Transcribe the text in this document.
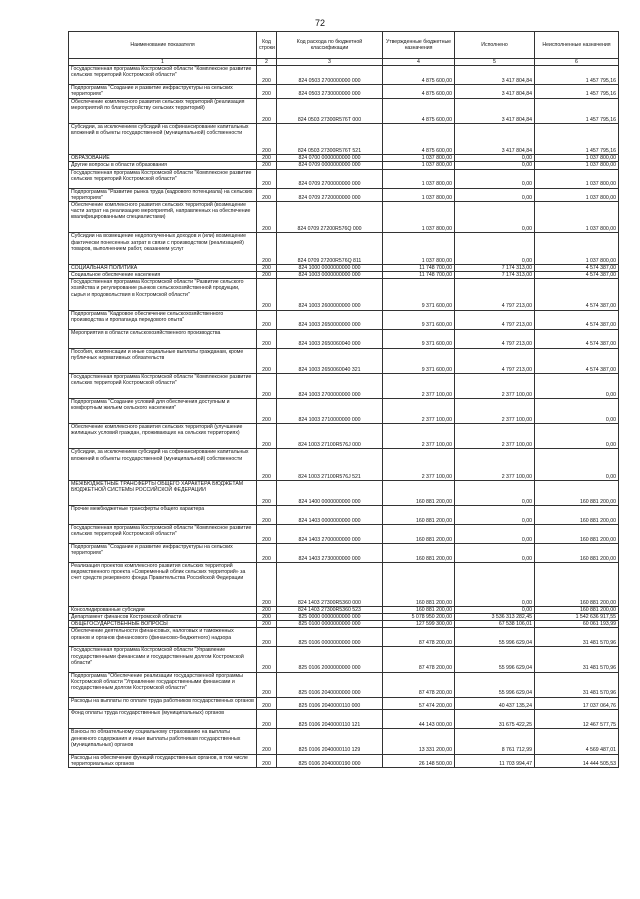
72
Наименование показателя	Код строки	Код расхода по бюджетной классификации	Утвержденные бюджетные назначения	Исполнено	Неисполненные назначения
1	2	3	4	5	6
Государственная программа Костромской области "Комплексное развитие сельских территорий Костромской области"	200	824 0503 2700000000 000	4 875 600,00	3 417 804,84	1 457 795,16
Подпрограмма "Создание и развитие инфраструктуры на сельских территориях"	200	824 0503 2730000000 000	4 875 600,00	3 417 804,84	1 457 795,16
Обеспечение комплексного развития сельских территорий (реализация мероприятий по благоустройству сельских территорий)	200	824 0503 27300R576Т 000	4 875 600,00	3 417 804,84	1 457 795,16
Субсидии, за исключением субсидий на софинансирование капитальных вложений в объекты государственной (муниципальной) собственности	200	824 0503 27300R576Т 521	4 875 600,00	3 417 804,84	1 457 795,16
ОБРАЗОВАНИЕ	200	824 0700 0000000000 000	1 037 800,00	0,00	1 037 800,00
Другие вопросы в области образования	200	824 0709 0000000000 000	1 037 800,00	0,00	1 037 800,00
Государственная программа Костромской области "Комплексное развитие сельских территорий Костромской области"	200	824 0709 2700000000 000	1 037 800,00	0,00	1 037 800,00
Подпрограмма "Развитие рынка труда (кадрового потенциала) на сельских территориях"	200	824 0709 2720000000 000	1 037 800,00	0,00	1 037 800,00
Обеспечение комплексного развития сельских территорий (возмещение части затрат на реализацию мероприятий, направленных на обеспечение квалифицированными специалистами)	200	824 0709 27200R576Q 000	1 037 800,00	0,00	1 037 800,00
Субсидии на возмещение недополученных доходов и (или) возмещение фактически понесенных затрат в связи с производством (реализацией) товаров, выполнением работ, оказанием услуг	200	824 0709 27200R576Q 811	1 037 800,00	0,00	1 037 800,00
СОЦИАЛЬНАЯ ПОЛИТИКА	200	824 1000 0000000000 000	11 748 700,00	7 174 313,00	4 574 387,00
Социальное обеспечение населения	200	824 1003 0000000000 000	11 748 700,00	7 174 313,00	4 574 387,00
Государственная программа Костромской области "Развитие сельского хозяйства и регулирование рынков сельскохозяйственной продукции, сырья и продовольствия в Костромской области"	200	824 1003 2600000000 000	9 371 600,00	4 797 213,00	4 574 387,00
Подпрограмма "Кадровое обеспечение сельскохозяйственного производства и пропаганда передового опыта"	200	824 1003 2650000000 000	9 371 600,00	4 797 213,00	4 574 387,00
Мероприятия в области сельскохозяйственного производства	200	824 1003 2650060040 000	9 371 600,00	4 797 213,00	4 574 387,00
Пособия, компенсации и иные социальные выплаты гражданам, кроме публичных нормативных обязательств	200	824 1003 2650060040 321	9 371 600,00	4 797 213,00	4 574 387,00
Государственная программа Костромской области "Комплексное развитие сельских территорий Костромской области"	200	824 1003 2700000000 000	2 377 100,00	2 377 100,00	0,00
Подпрограмма "Создание условий для обеспечения доступным и комфортным жильем сельского населения"	200	824 1003 2710000000 000	2 377 100,00	2 377 100,00	0,00
Обеспечение комплексного развития сельских территорий (улучшение жилищных условий граждан, проживающих на сельских территориях)	200	824 1003 27100R576J 000	2 377 100,00	2 377 100,00	0,00
Субсидии, за исключением субсидий на софинансирование капитальных вложений в объекты государственной (муниципальной) собственности	200	824 1003 27100R576J 521	2 377 100,00	2 377 100,00	0,00
МЕЖБЮДЖЕТНЫЕ ТРАНСФЕРТЫ ОБЩЕГО ХАРАКТЕРА БЮДЖЕТАМ БЮДЖЕТНОЙ СИСТЕМЫ РОССИЙСКОЙ ФЕДЕРАЦИИ	200	824 1400 0000000000 000	160 881 200,00	0,00	160 881 200,00
Прочие межбюджетные трансферты общего характера	200	824 1403 0000000000 000	160 881 200,00	0,00	160 881 200,00
Государственная программа Костромской области "Комплексное развитие сельских территорий Костромской области"	200	824 1403 2700000000 000	160 881 200,00	0,00	160 881 200,00
Подпрограмма "Создание и развитие инфраструктуры на сельских территориях"	200	824 1403 2730000000 000	160 881 200,00	0,00	160 881 200,00
Реализация проектов комплексного развития сельских территорий ведомственного проекта «Современный облик сельских территорий» за счет средств резервного фонда Правительства Российской Федерации	200	824 1403 27300R5360 000	160 881 200,00	0,00	160 881 200,00
Консолидированные субсидии	200	824 1403 27300R5360 523	160 881 200,00	0,00	160 881 200,00
Департамент финансов Костромской области	200	825 0000 0000000000 000	5 078 950 200,00	3 536 313 282,45	1 542 636 917,55
ОБЩЕГОСУДАРСТВЕННЫЕ ВОПРОСЫ	200	825 0100 0000000000 000	127 599 300,00	67 538 106,01	60 061 193,99
Обеспечение деятельности финансовых, налоговых и таможенных органов и органов финансового (финансово-бюджетного) надзора	200	825 0106 0000000000 000	87 478 200,00	55 996 629,04	31 481 570,96
Государственная программа Костромской области "Управление государственными финансами и государственным долгом Костромской области"	200	825 0106 2000000000 000	87 478 200,00	55 996 629,04	31 481 570,96
Подпрограмма "Обеспечение реализации государственной программы Костромской области "Управление государственными финансами и государственным долгом Костромской области"	200	825 0106 2040000000 000	87 478 200,00	55 996 629,04	31 481 570,96
Расходы на выплаты по оплате труда работников государственных органов	200	825 0106 2040000110 000	57 474 200,00	40 437 135,24	17 037 064,76
Фонд оплаты труда государственных (муниципальных) органов	200	825 0106 2040000110 121	44 143 000,00	31 675 422,25	12 467 577,75
Взносы по обязательному социальному страхованию на выплаты денежного содержания и иные выплаты работникам государственных (муниципальных) органов	200	825 0106 2040000110 129	13 331 200,00	8 761 712,99	4 569 487,01
Расходы на обеспечение функций государственных органов, в том числе территориальных органов	200	825 0106 2040000190 000	26 148 500,00	11 703 994,47	14 444 505,53
